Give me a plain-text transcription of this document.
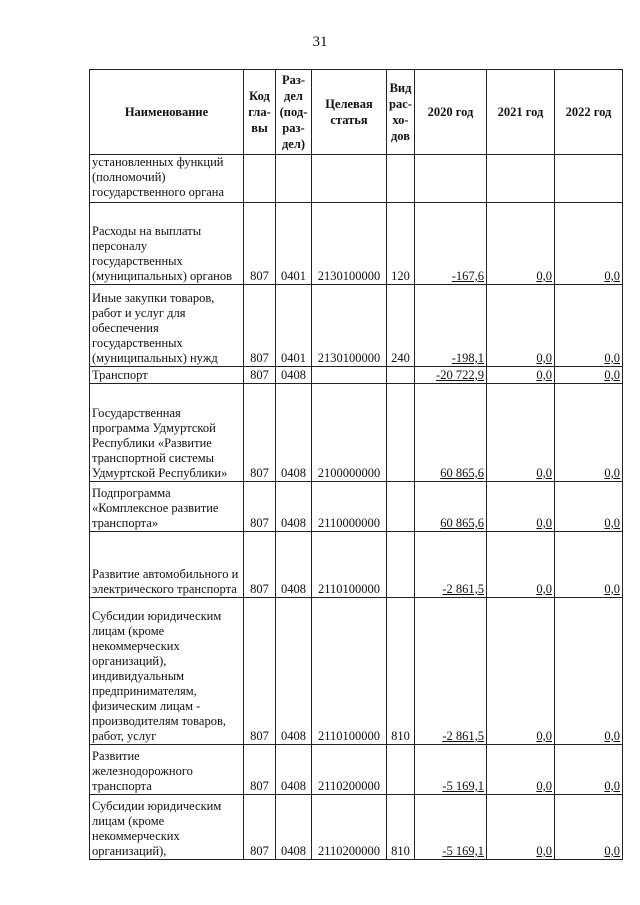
31
Наименование	Код гла- вы	Раз- дел (под- раз- дел)	Целевая статья	Вид рас- хо- дов	2020 год	2021 год	2022 год
установленных функций (полномочий) государственного органа							
Расходы на выплаты персоналу государственных (муниципальных) органов	807	0401	2130100000	120	-167,6	0,0	0,0
Иные закупки товаров, работ и услуг для обеспечения государственных (муниципальных) нужд	807	0401	2130100000	240	-198,1	0,0	0,0
Транспорт	807	0408			-20 722,9	0,0	0,0
Государственная программа Удмуртской Республики «Развитие транспортной системы Удмуртской Республики»	807	0408	2100000000		60 865,6	0,0	0,0
Подпрограмма «Комплексное развитие транспорта»	807	0408	2110000000		60 865,6	0,0	0,0
Развитие автомобильного и электрического транспорта	807	0408	2110100000		-2 861,5	0,0	0,0
Субсидии юридическим лицам (кроме некоммерческих организаций), индивидуальным предпринимателям, физическим лицам - производителям товаров, работ, услуг	807	0408	2110100000	810	-2 861,5	0,0	0,0
Развитие железнодорожного транспорта	807	0408	2110200000		-5 169,1	0,0	0,0
Субсидии юридическим лицам (кроме некоммерческих организаций),	807	0408	2110200000	810	-5 169,1	0,0	0,0
